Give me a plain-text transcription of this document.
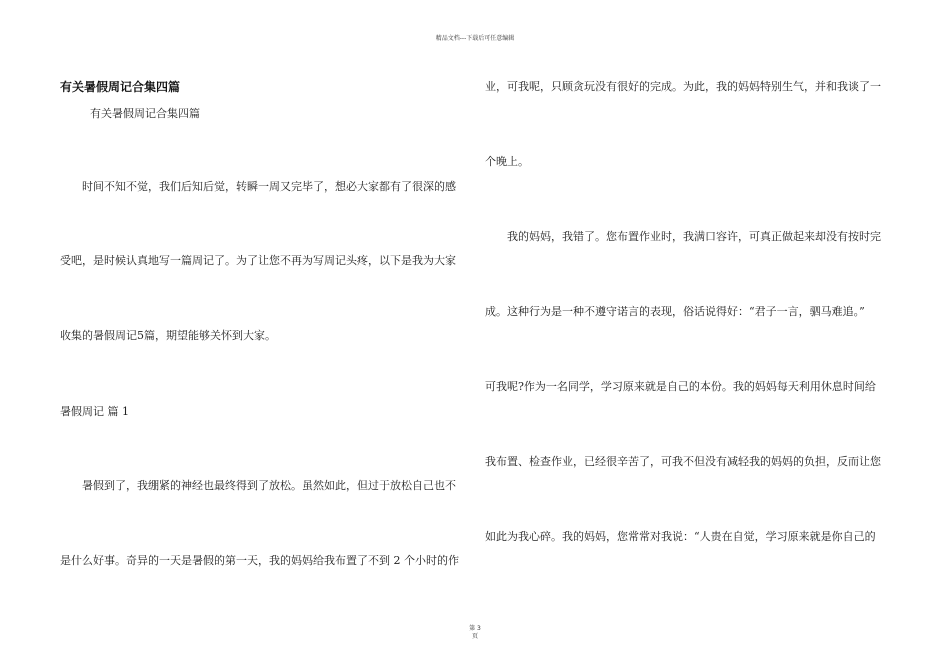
精品文档---下载后可任意编辑
有关暑假周记合集四篇
有关暑假周记合集四篇
时间不知不觉，我们后知后觉，转瞬一周又完毕了，想必大家都有了很深的感
受吧，是时候认真地写一篇周记了。为了让您不再为写周记头疼，以下是我为大家
收集的暑假周记5篇，期望能够关怀到大家。
暑假周记 篇 1
暑假到了，我绷紧的神经也最终得到了放松。虽然如此，但过于放松自己也不
是什么好事。奇异的一天是暑假的第一天，我的妈妈给我布置了不到 2 个小时的作
业，可我呢，只顾贪玩没有很好的完成。为此，我的妈妈特别生气，并和我谈了一
个晚上。
我的妈妈，我错了。您布置作业时，我满口容许，可真正做起来却没有按时完
成。这种行为是一种不遵守诺言的表现，俗话说得好：“君子一言，驷马难追。”
可我呢?作为一名同学，学习原来就是自己的本份。我的妈妈每天利用休息时间给
我布置、检查作业，已经很辛苦了，可我不但没有减轻我的妈妈的负担，反而让您
如此为我心碎。我的妈妈，您常常对我说：“人贵在自觉，学习原来就是你自己的
第 3
页
